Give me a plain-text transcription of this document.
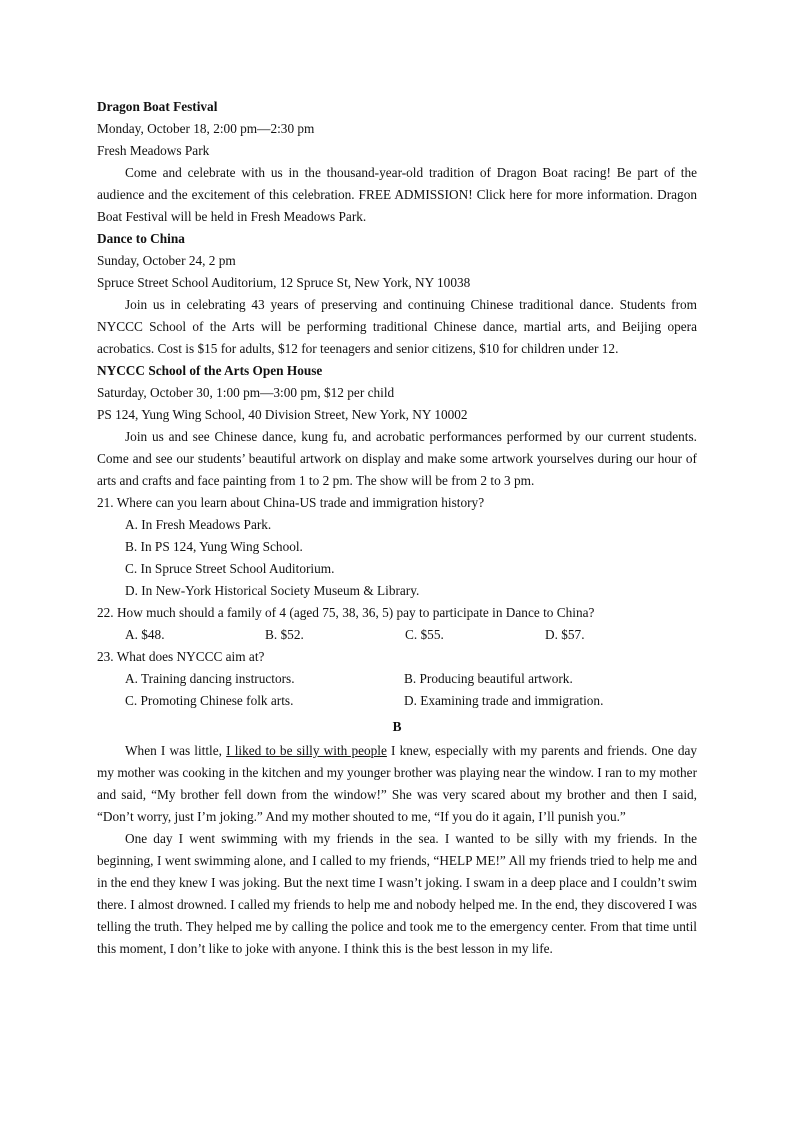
Dragon Boat Festival
Monday, October 18, 2:00 pm—2:30 pm
Fresh Meadows Park

Come and celebrate with us in the thousand-year-old tradition of Dragon Boat racing! Be part of the audience and the excitement of this celebration. FREE ADMISSION! Click here for more information. Dragon Boat Festival will be held in Fresh Meadows Park.

Dance to China
Sunday, October 24, 2 pm
Spruce Street School Auditorium, 12 Spruce St, New York, NY 10038

Join us in celebrating 43 years of preserving and continuing Chinese traditional dance. Students from NYCCC School of the Arts will be performing traditional Chinese dance, martial arts, and Beijing opera acrobatics. Cost is $15 for adults, $12 for teenagers and senior citizens, $10 for children under 12.

NYCCC School of the Arts Open House
Saturday, October 30, 1:00 pm—3:00 pm, $12 per child
PS 124, Yung Wing School, 40 Division Street, New York, NY 10002

Join us and see Chinese dance, kung fu, and acrobatic performances performed by our current students. Come and see our students’ beautiful artwork on display and make some artwork yourselves during our hour of arts and crafts and face painting from 1 to 2 pm. The show will be from 2 to 3 pm.

21. Where can you learn about China-US trade and immigration history?
A. In Fresh Meadows Park.
B. In PS 124, Yung Wing School.
C. In Spruce Street School Auditorium.
D. In New-York Historical Society Museum & Library.
22. How much should a family of 4 (aged 75, 38, 36, 5) pay to participate in Dance to China?
A. $48.	B. $52.	C. $55.	D. $57.
23. What does NYCCC aim at?
A. Training dancing instructors.	B. Producing beautiful artwork.
C. Promoting Chinese folk arts.	D. Examining trade and immigration.
B

When I was little, I liked to be silly with people I knew, especially with my parents and friends. One day my mother was cooking in the kitchen and my younger brother was playing near the window. I ran to my mother and said, “My brother fell down from the window!” She was very scared about my brother and then I said, “Don’t worry, just I’m joking.” And my mother shouted to me, “If you do it again, I’ll punish you.”

One day I went swimming with my friends in the sea. I wanted to be silly with my friends. In the beginning, I went swimming alone, and I called to my friends, “HELP ME!” All my friends tried to help me and in the end they knew I was joking. But the next time I wasn’t joking. I swam in a deep place and I couldn’t swim there. I almost drowned. I called my friends to help me and nobody helped me. In the end, they discovered I was telling the truth. They helped me by calling the police and took me to the emergency center. From that time until this moment, I don’t like to joke with anyone. I think this is the best lesson in my life.
